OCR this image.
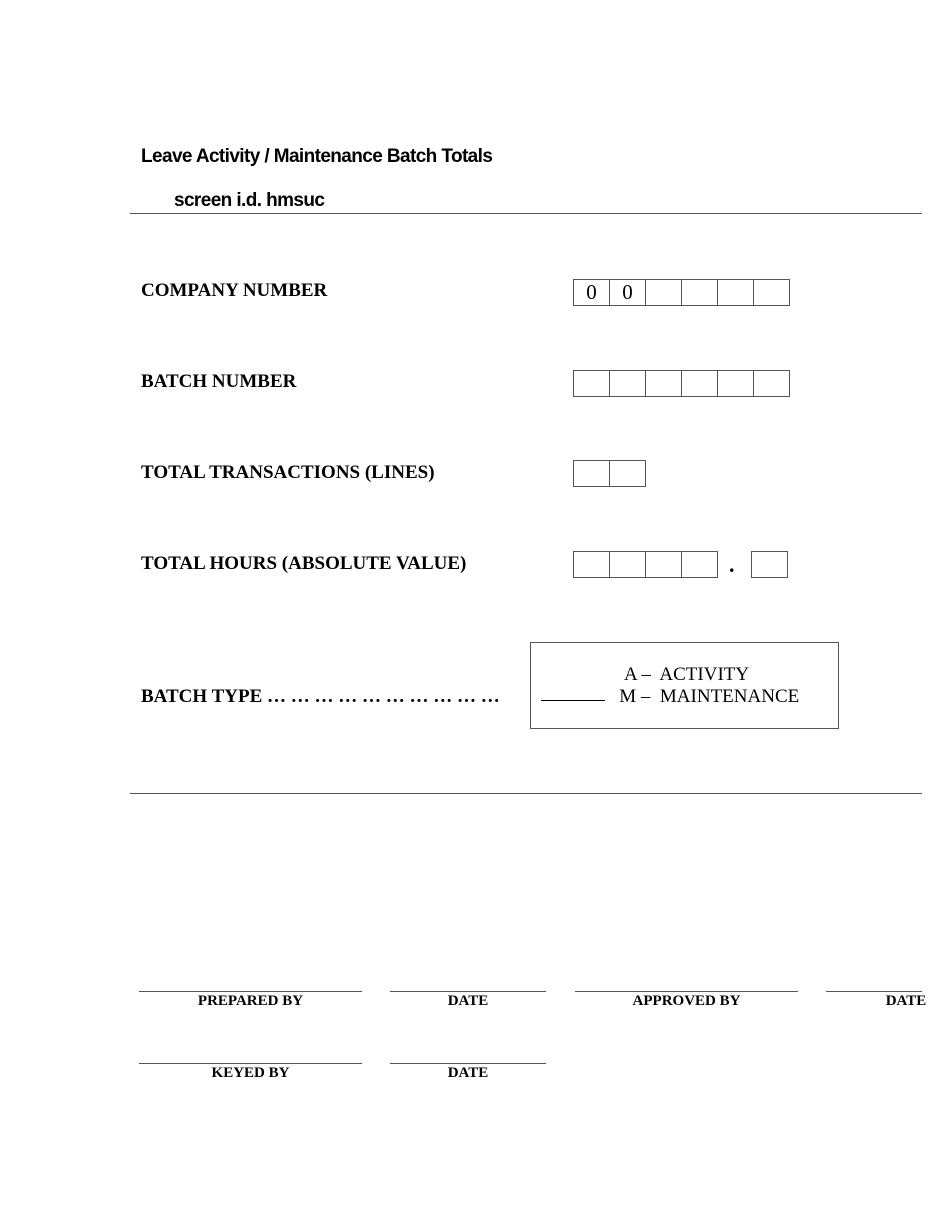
Leave Activity / Maintenance Batch Totals
screen i.d. hmsuc
COMPANY NUMBER	0	0
BATCH NUMBER
TOTAL TRANSACTIONS (LINES)
TOTAL HOURS (ABSOLUTE VALUE)	.
BATCH TYPE … … … … … … … … … …
A – ACTIVITY
M – MAINTENANCE
PREPARED BY	DATE	APPROVED BY	DATE
KEYED BY	DATE
